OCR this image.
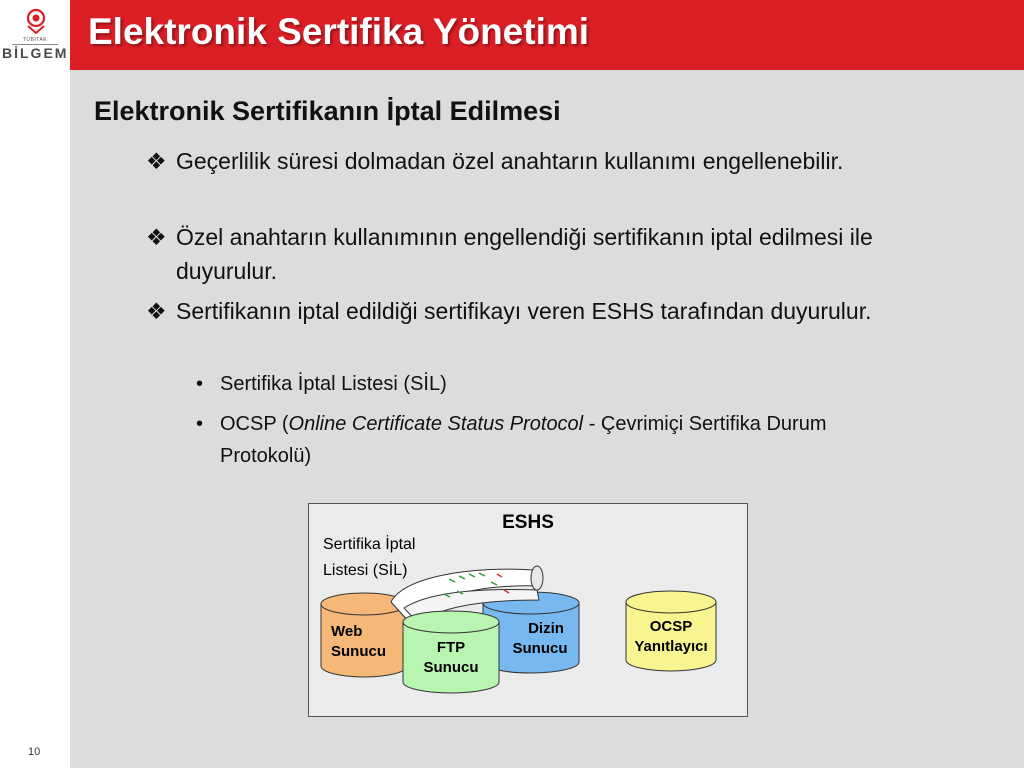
TÜBİTAK
BİLGEM
10
Elektronik Sertifika Yönetimi
Elektronik Sertifikanın İptal Edilmesi
❖ Geçerlilik süresi dolmadan özel anahtarın kullanımı engellenebilir.
❖ Özel anahtarın kullanımının engellendiği sertifikanın iptal edilmesi ile duyurulur.
❖ Sertifikanın iptal edildiği sertifikayı veren ESHS tarafından duyurulur.
• Sertifika İptal Listesi (SİL)
• OCSP (Online Certificate Status Protocol - Çevrimiçi Sertifika Durum Protokolü)
ESHS
Sertifika İptal
Listesi (SİL)
Web
Sunucu
Dizin
Sunucu
FTP
Sunucu
OCSP
Yanıtlayıcı
